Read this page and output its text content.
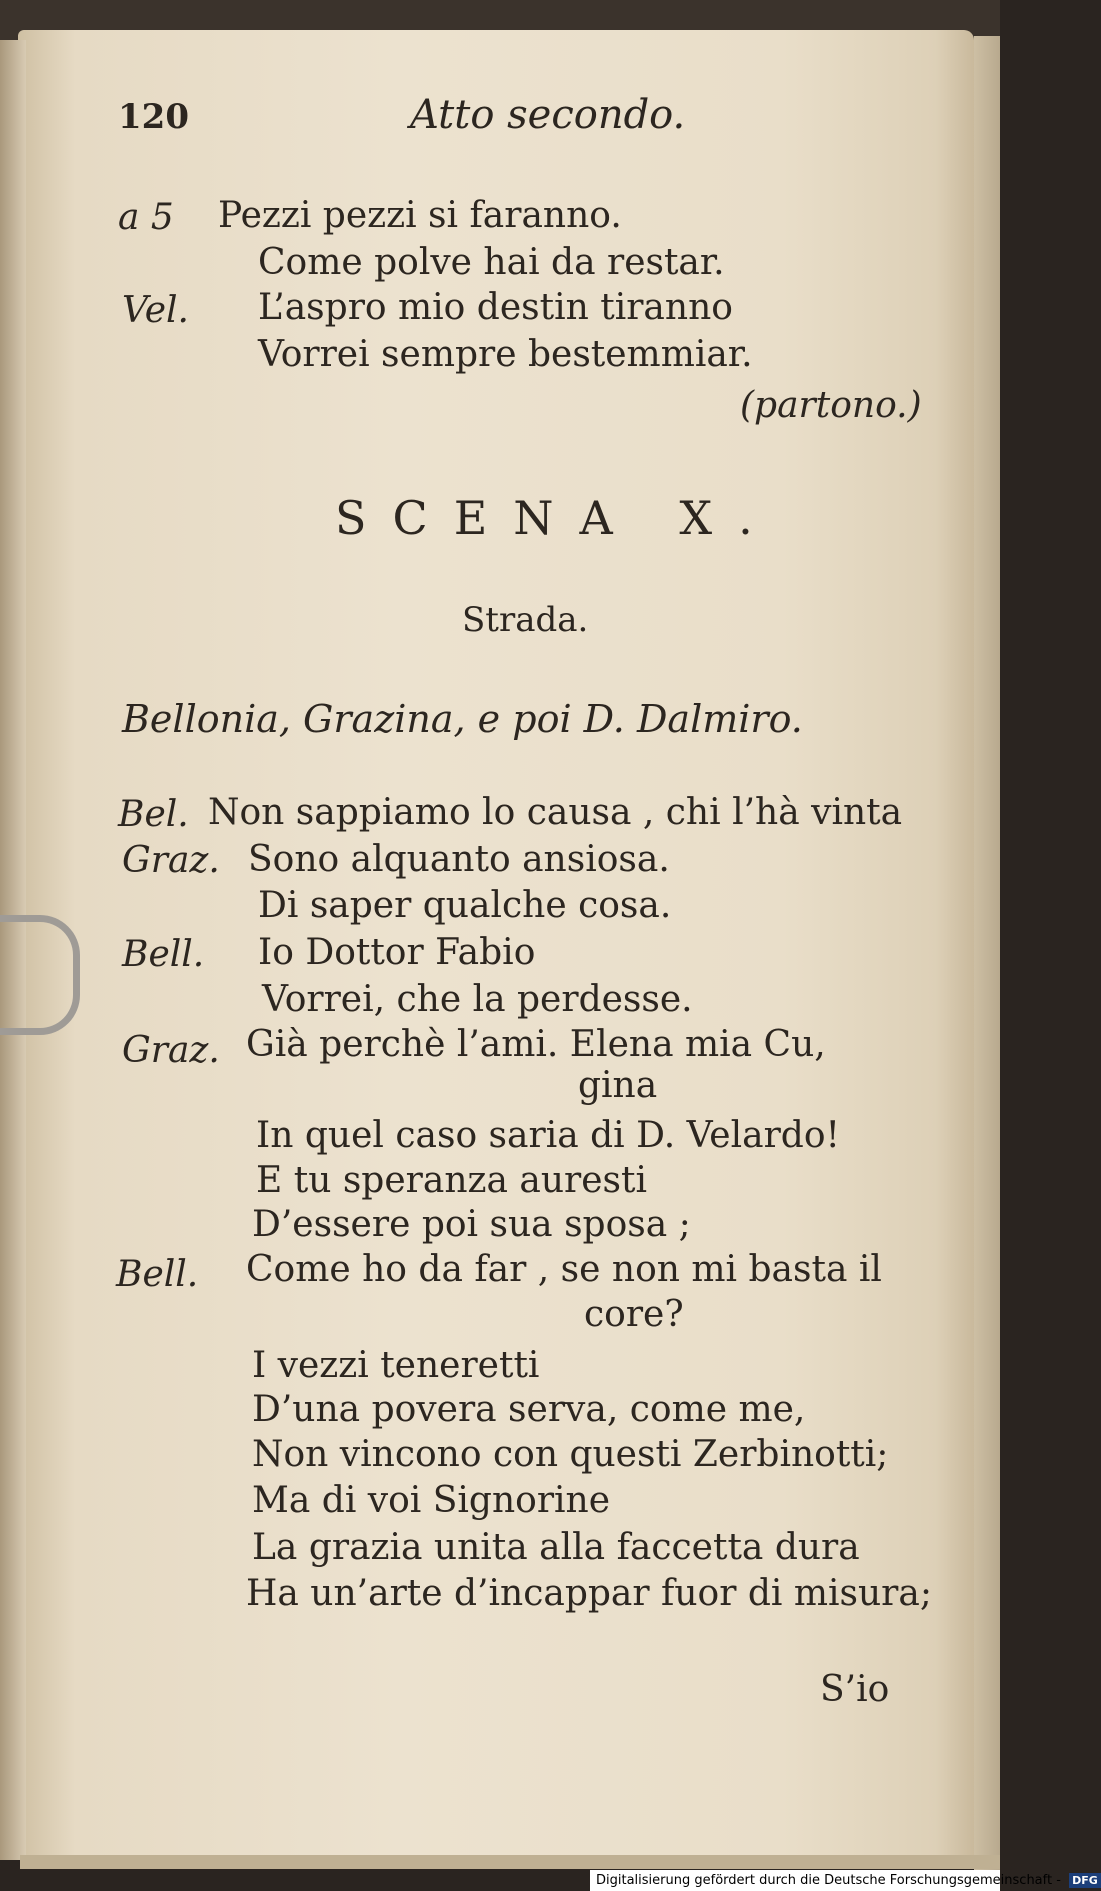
120	Atto secondo.
a 5 Pezzi pezzi si faranno.
Come polve hai da restar.
Vel. L’aspro mio destin tiranno
Vorrei sempre bestemmiar.
(partono.)
SCENA X.
Strada.
Bellonia, Grazina, e poi D. Dalmiro.
Bel. Non sappiamo lo causa , chi l’hà vinta
Graz. Sono alquanto ansiosa.
Di saper qualche cosa.
Bell. Io Dottor Fabio
Vorrei, che la perdesse.
Graz. Già perchè l’ami. Elena mia Cu,
gina
In quel caso saria di D. Velardo!
E tu speranza auresti
D’essere poi sua sposa ;
Bell. Come ho da far , se non mi basta il
core?
I vezzi teneretti
D’una povera serva, come me,
Non vincono con questi Zerbinotti;
Ma di voi Signorine
La grazia unita alla faccetta dura
Ha un’arte d’incappar fuor di misura;
S’io
Digitalisierung gefördert durch die Deutsche Forschungsgemeinschaft - DFG
